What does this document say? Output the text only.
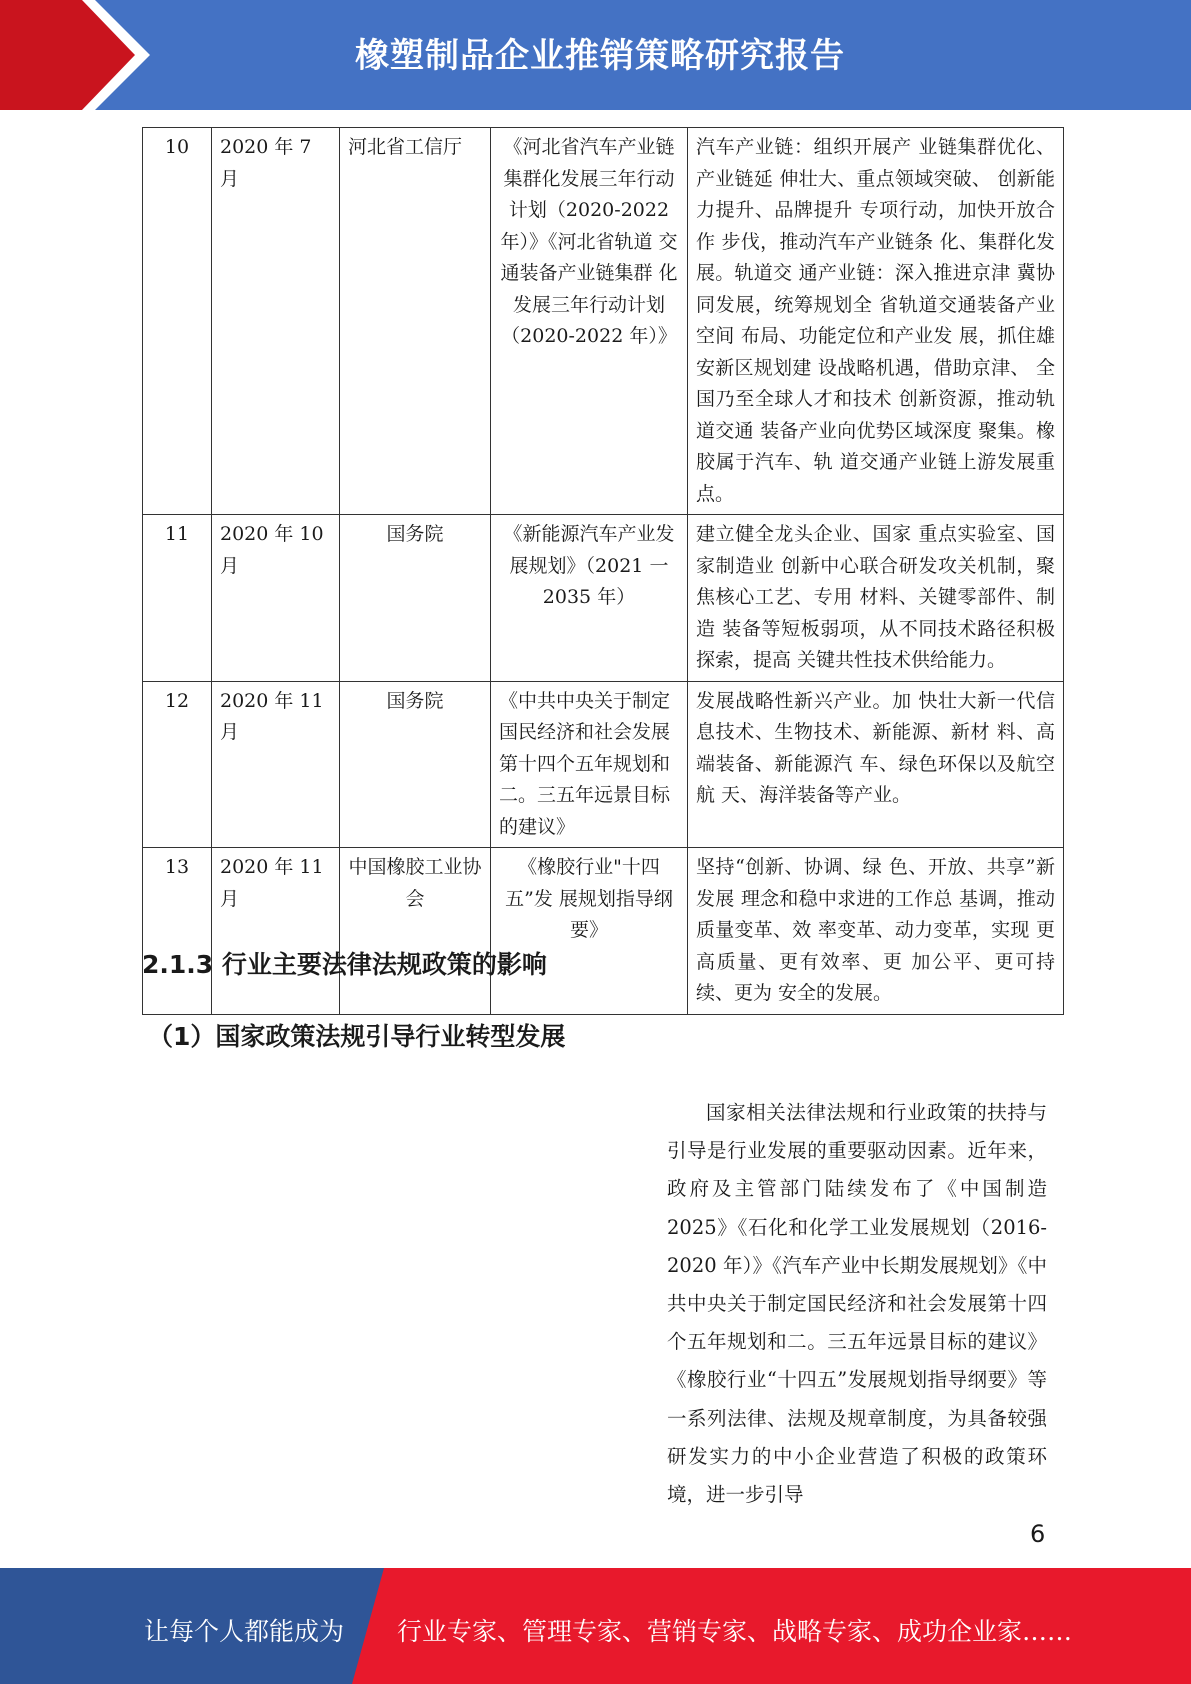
橡塑制品企业推销策略研究报告
10	2020 年 7 月	河北省工信厅	《河北省汽车产业链 集群化发展三年行动 计划（2020-2022 年）》《河北省轨道 交通装备产业链集群 化发展三年行动计划（2020-2022 年）》	汽车产业链：组织开展产 业链集群优化、产业链延 伸壮大、重点领域突破、 创新能力提升、品牌提升 专项行动，加快开放合作 步伐，推动汽车产业链条 化、集群化发展。轨道交 通产业链：深入推进京津 冀协同发展，统筹规划全 省轨道交通装备产业空间 布局、功能定位和产业发 展，抓住雄安新区规划建 设战略机遇，借助京津、 全国乃至全球人才和技术 创新资源，推动轨道交通 装备产业向优势区域深度 聚集。橡胶属于汽车、轨 道交通产业链上游发展重 点。
11	2020 年 10 月	国务院	《新能源汽车产业发 展规划》（2021 一 2035 年）	建立健全龙头企业、国家 重点实验室、国家制造业 创新中心联合研发攻关机制，聚焦核心工艺、专用 材料、关键零部件、制造 装备等短板弱项，从不同技术路径积极探索，提高 关键共性技术供给能力。
12	2020 年 11 月	国务院	《中共中央关于制定 国民经济和社会发展第十四个五年规划和 二。三五年远景目标 的建议》	发展战略性新兴产业。加 快壮大新一代信息技术、生物技术、新能源、新材 料、高端装备、新能源汽 车、绿色环保以及航空航 天、海洋装备等产业。
13	2020 年 11 月	中国橡胶工业协 会	《橡胶行业"十四五”发 展规划指导纲要》	坚持“创新、协调、绿 色、开放、共享”新发展 理念和稳中求进的工作总 基调，推动质量变革、效 率变革、动力变革，实现 更高质量、更有效率、更 加公平、更可持续、更为 安全的发展。
2.1.3 行业主要法律法规政策的影响
（1）国家政策法规引导行业转型发展
国家相关法律法规和行业政策的扶持与引导是行业发展的重要驱动因素。近年来，政府及主管部门陆续发布了《中国制造 2025》《石化和化学工业发展规划（2016-2020 年）》《汽车产业中长期发展规划》《中共中央关于制定国民经济和社会发展第十四个五年规划和二。三五年远景目标的建议》《橡胶行业“十四五”发展规划指导纲要》等一系列法律、法规及规章制度，为具备较强研发实力的中小企业营造了积极的政策环境，进一步引导
6
让每个人都能成为 行业专家、管理专家、营销专家、战略专家、成功企业家……
